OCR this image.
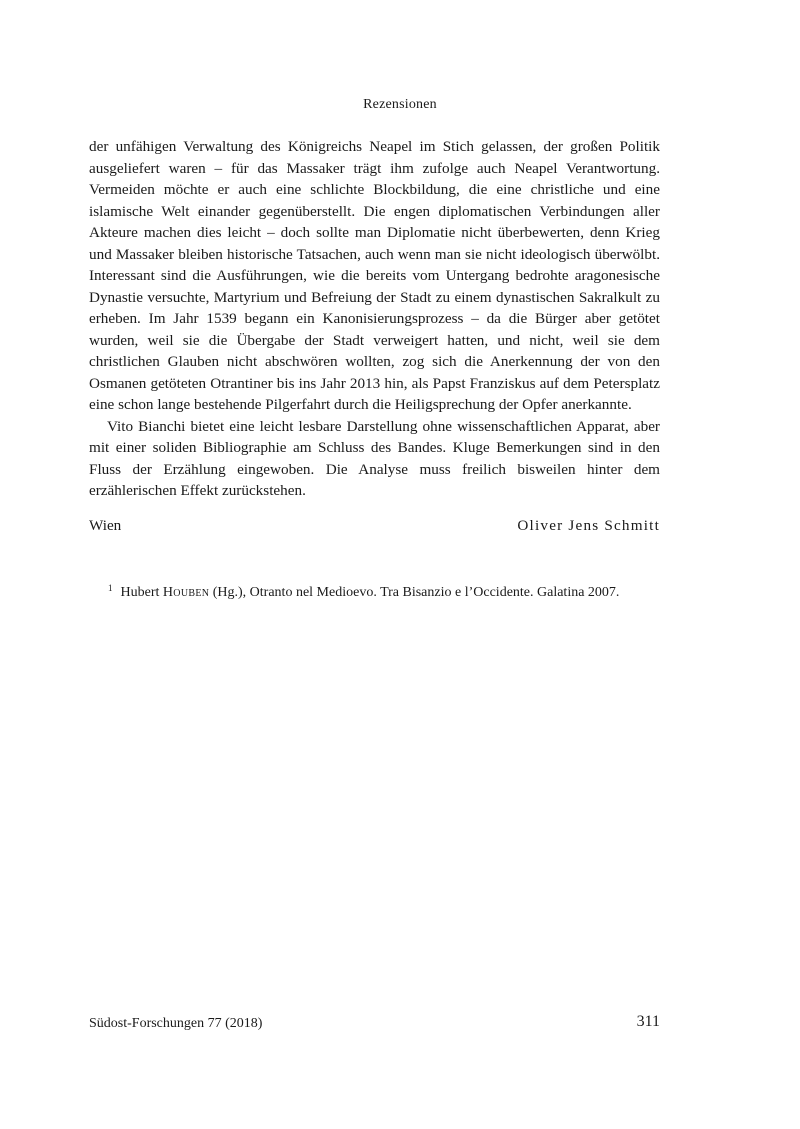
Rezensionen

der unfähigen Verwaltung des Königreichs Neapel im Stich gelassen, der großen Politik ausgeliefert waren – für das Massaker trägt ihm zufolge auch Neapel Verantwortung. Vermeiden möchte er auch eine schlichte Blockbildung, die eine christliche und eine islamische Welt einander gegenüberstellt. Die engen diplomatischen Verbindungen aller Akteure machen dies leicht – doch sollte man Diplomatie nicht überbewerten, denn Krieg und Massaker bleiben historische Tatsachen, auch wenn man sie nicht ideologisch überwölbt. Interessant sind die Ausführungen, wie die bereits vom Untergang bedrohte aragonesische Dynastie versuchte, Martyrium und Befreiung der Stadt zu einem dynastischen Sakralkult zu erheben. Im Jahr 1539 begann ein Kanonisierungsprozess – da die Bürger aber getötet wurden, weil sie die Übergabe der Stadt verweigert hatten, und nicht, weil sie dem christlichen Glauben nicht abschwören wollten, zog sich die Anerkennung der von den Osmanen getöteten Otrantiner bis ins Jahr 2013 hin, als Papst Franziskus auf dem Petersplatz eine schon lange bestehende Pilgerfahrt durch die Heiligsprechung der Opfer anerkannte.

Vito Bianchi bietet eine leicht lesbare Darstellung ohne wissenschaftlichen Apparat, aber mit einer soliden Bibliographie am Schluss des Bandes. Kluge Bemerkungen sind in den Fluss der Erzählung eingewoben. Die Analyse muss freilich bisweilen hinter dem erzählerischen Effekt zurückstehen.

Wien	Oliver Jens Schmitt
$^1$ Hubert Houben (Hg.), Otranto nel Medioevo. Tra Bisanzio e l’Occidente. Galatina 2007.
Südost-Forschungen 77 (2018)	311
